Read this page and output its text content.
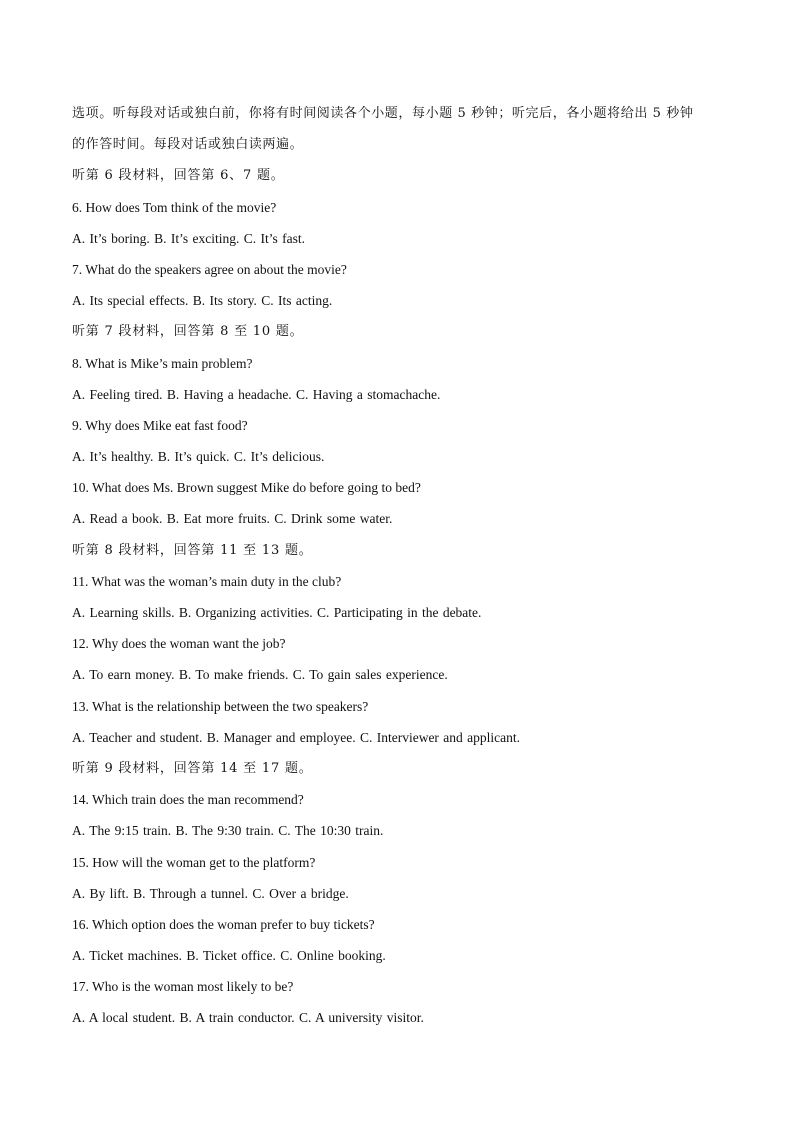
选项。听每段对话或独白前，你将有时间阅读各个小题，每小题 5 秒钟；听完后，各小题将给出 5 秒钟
的作答时间。每段对话或独白读两遍。
听第 6 段材料，回答第 6、7 题。
6. How does Tom think of the movie?
A. It’s boring. B. It’s exciting. C. It’s fast.
7. What do the speakers agree on about the movie?
A. Its special effects. B. Its story. C. Its acting.
听第 7 段材料，回答第 8 至 10 题。
8. What is Mike’s main problem?
A. Feeling tired. B. Having a headache. C. Having a stomachache.
9. Why does Mike eat fast food?
A. It’s healthy. B. It’s quick. C. It’s delicious.
10. What does Ms. Brown suggest Mike do before going to bed?
A. Read a book. B. Eat more fruits. C. Drink some water.
听第 8 段材料，回答第 11 至 13 题。
11. What was the woman’s main duty in the club?
A. Learning skills. B. Organizing activities. C. Participating in the debate.
12. Why does the woman want the job?
A. To earn money. B. To make friends. C. To gain sales experience.
13. What is the relationship between the two speakers?
A. Teacher and student. B. Manager and employee. C. Interviewer and applicant.
听第 9 段材料，回答第 14 至 17 题。
14. Which train does the man recommend?
A. The 9:15 train. B. The 9:30 train. C. The 10:30 train.
15. How will the woman get to the platform?
A. By lift. B. Through a tunnel. C. Over a bridge.
16. Which option does the woman prefer to buy tickets?
A. Ticket machines. B. Ticket office. C. Online booking.
17. Who is the woman most likely to be?
A. A local student. B. A train conductor. C. A university visitor.
